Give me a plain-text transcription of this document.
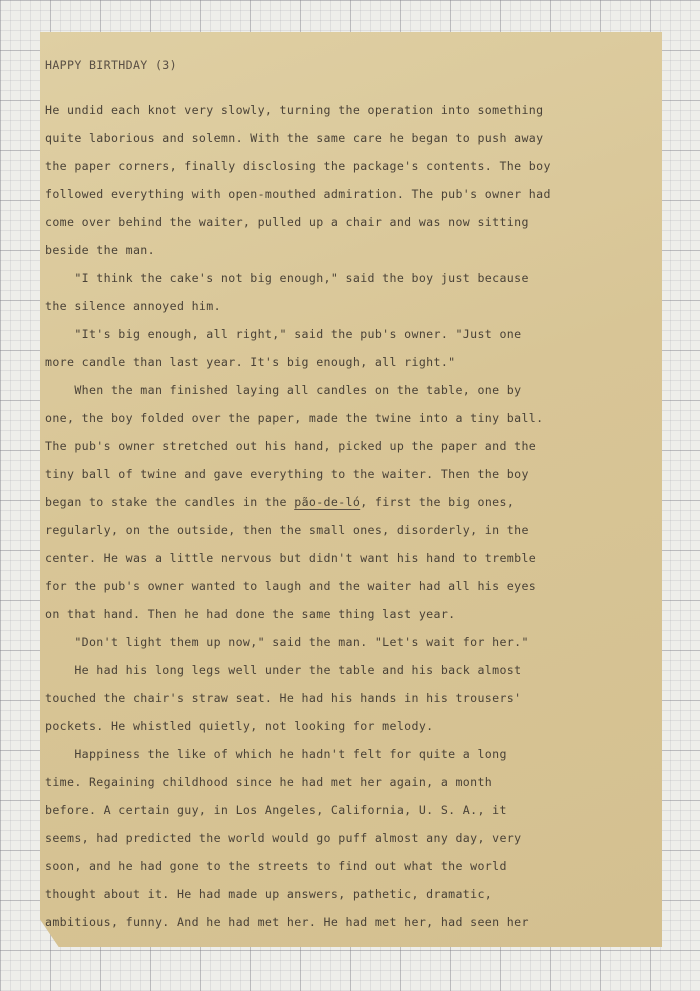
HAPPY BIRTHDAY (3)
He undid each knot very slowly, turning the operation into something
quite laborious and solemn. With the same care he began to push away
the paper corners, finally disclosing the package's contents. The boy
followed everything with open-mouthed admiration. The pub's owner had
come over behind the waiter, pulled up a chair and was now sitting
beside the man.
"I think the cake's not big enough," said the boy just because
the silence annoyed him.
"It's big enough, all right," said the pub's owner. "Just one
more candle than last year. It's big enough, all right."
When the man finished laying all candles on the table, one by
one, the boy folded over the paper, made the twine into a tiny ball.
The pub's owner stretched out his hand, picked up the paper and the
tiny ball of twine and gave everything to the waiter. Then the boy
began to stake the candles in the pão-de-ló, first the big ones,
regularly, on the outside, then the small ones, disorderly, in the
center. He was a little nervous but didn't want his hand to tremble
for the pub's owner wanted to laugh and the waiter had all his eyes
on that hand. Then he had done the same thing last year.
"Don't light them up now," said the man. "Let's wait for her."
He had his long legs well under the table and his back almost
touched the chair's straw seat. He had his hands in his trousers'
pockets. He whistled quietly, not looking for melody.
Happiness the like of which he hadn't felt for quite a long
time. Regaining childhood since he had met her again, a month
before. A certain guy, in Los Angeles, California, U. S. A., it
seems, had predicted the world would go puff almost any day, very
soon, and he had gone to the streets to find out what the world
thought about it. He had made up answers, pathetic, dramatic,
ambitious, funny. And he had met her. He had met her, had seen her
